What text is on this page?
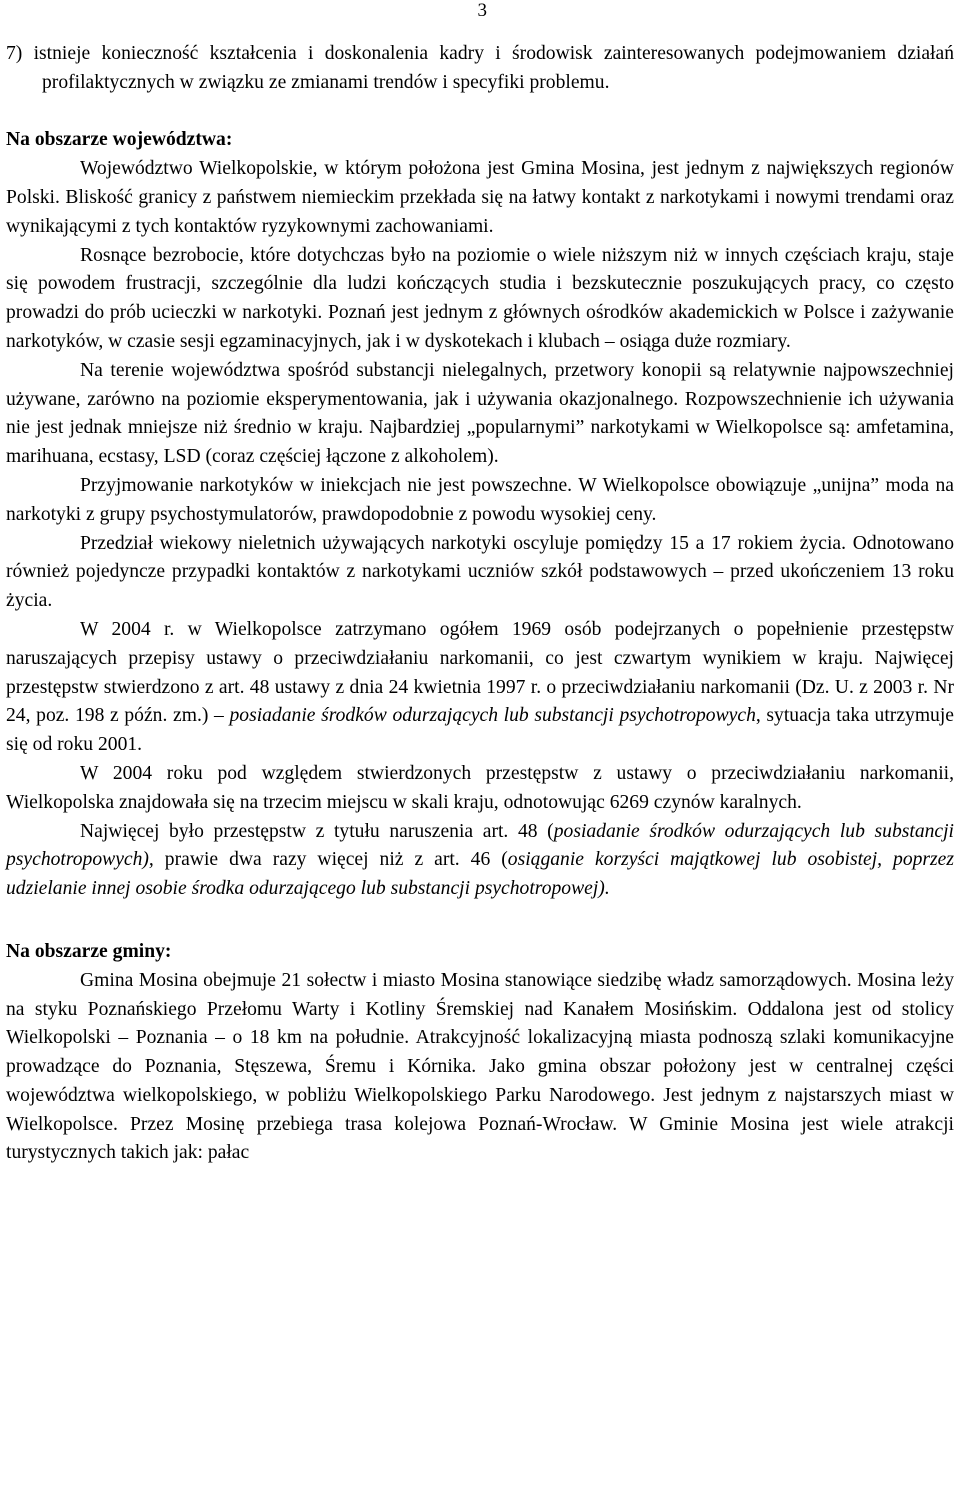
3

7) istnieje konieczność kształcenia i doskonalenia kadry i środowisk zainteresowanych podejmowaniem działań profilaktycznych w związku ze zmianami trendów i specyfiki problemu.

Na obszarze województwa:

Województwo Wielkopolskie, w którym położona jest Gmina Mosina, jest jednym z największych regionów Polski. Bliskość granicy z państwem niemieckim przekłada się na łatwy kontakt z narkotykami i nowymi trendami oraz wynikającymi z tych kontaktów ryzykownymi zachowaniami.

Rosnące bezrobocie, które dotychczas było na poziomie o wiele niższym niż w innych częściach kraju, staje się powodem frustracji, szczególnie dla ludzi kończących studia i bezskutecznie poszukujących pracy, co często prowadzi do prób ucieczki w narkotyki. Poznań jest jednym z głównych ośrodków akademickich w Polsce i zażywanie narkotyków, w czasie sesji egzaminacyjnych, jak i w dyskotekach i klubach – osiąga duże rozmiary.

Na terenie województwa spośród substancji nielegalnych, przetwory konopii są relatywnie najpowszechniej używane, zarówno na poziomie eksperymentowania, jak i używania okazjonalnego. Rozpowszechnienie ich używania nie jest jednak mniejsze niż średnio w kraju. Najbardziej „popularnymi” narkotykami w Wielkopolsce są: amfetamina, marihuana, ecstasy, LSD (coraz częściej łączone z alkoholem).

Przyjmowanie narkotyków w iniekcjach nie jest powszechne. W Wielkopolsce obowiązuje „unijna” moda na narkotyki z grupy psychostymulatorów, prawdopodobnie z powodu wysokiej ceny.

Przedział wiekowy nieletnich używających narkotyki oscyluje pomiędzy 15 a 17 rokiem życia. Odnotowano również pojedyncze przypadki kontaktów z narkotykami uczniów szkół podstawowych – przed ukończeniem 13 roku życia.

W 2004 r. w Wielkopolsce zatrzymano ogółem 1969 osób podejrzanych o popełnienie przestępstw naruszających przepisy ustawy o przeciwdziałaniu narkomanii, co jest czwartym wynikiem w kraju. Najwięcej przestępstw stwierdzono z art. 48 ustawy z dnia 24 kwietnia 1997 r. o przeciwdziałaniu narkomanii (Dz. U. z 2003 r. Nr 24, poz. 198 z późn. zm.) – posiadanie środków odurzających lub substancji psychotropowych, sytuacja taka utrzymuje się od roku 2001.

W 2004 roku pod względem stwierdzonych przestępstw z ustawy o przeciwdziałaniu narkomanii, Wielkopolska znajdowała się na trzecim miejscu w skali kraju, odnotowując 6269 czynów karalnych.

Najwięcej było przestępstw z tytułu naruszenia art. 48 (posiadanie środków odurzających lub substancji psychotropowych), prawie dwa razy więcej niż z art. 46 (osiąganie korzyści majątkowej lub osobistej, poprzez udzielanie innej osobie środka odurzającego lub substancji psychotropowej).

Na obszarze gminy:

Gmina Mosina obejmuje 21 sołectw i miasto Mosina stanowiące siedzibę władz samorządowych. Mosina leży na styku Poznańskiego Przełomu Warty i Kotliny Śremskiej nad Kanałem Mosińskim. Oddalona jest od stolicy Wielkopolski – Poznania – o 18 km na południe. Atrakcyjność lokalizacyjną miasta podnoszą szlaki komunikacyjne prowadzące do Poznania, Stęszewa, Śremu i Kórnika. Jako gmina obszar położony jest w centralnej części województwa wielkopolskiego, w pobliżu Wielkopolskiego Parku Narodowego. Jest jednym z najstarszych miast w Wielkopolsce. Przez Mosinę przebiega trasa kolejowa Poznań-Wrocław. W Gminie Mosina jest wiele atrakcji turystycznych takich jak: pałac
